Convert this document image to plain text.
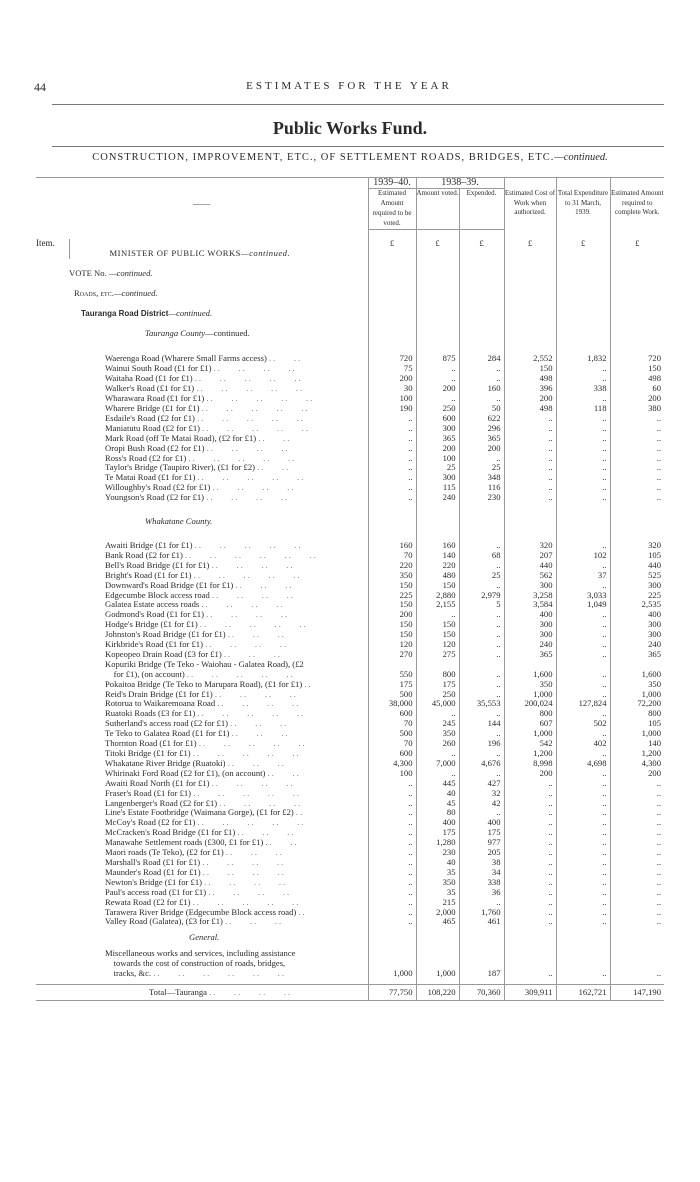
44	ESTIMATES FOR THE YEAR
Public Works Fund.
CONSTRUCTION, IMPROVEMENT, ETC., OF SETTLEMENT ROADS, BRIDGES, ETC.—continued.
——		1939–40.	1938–39.		Estimated Cost of Work when authorized.	Total Expenditure to 31 March, 1939.	Estimated Amount required to complete Work.
		Estimated Amount required to be voted.	Amount voted.	Expended.			

Item.		£	£	£	£	£	£
	MINISTER OF PUBLIC WORKS—continued.						

	VOTE No. —continued.						

	Roads, etc.—continued.						

	Tauranga Road District—continued.						

	Tauranga County—continued.						

	Waerenga Road (Wharere Small Farms access) ..    ..	720	875	284	2,552	1,832	720
	Wainui South Road (£1 for £1) ..    ..    ..    ..	75	..	..	150	..	150
	Waitaha Road (£1 for £1) ..    ..    ..    ..    ..	200	..	..	498	..	498
	Walker's Road (£1 for £1) ..    ..    ..    ..    ..	30	200	160	396	338	60
	Wharawara Road (£1 for £1) ..    ..    ..    ..    ..	100	..	..	200	..	200
	Wharere Bridge (£1 for £1) ..    ..    ..    ..    ..	190	250	50	498	118	380
	Esdaile's Road (£2 for £1) ..    ..    ..    ..    ..	..	600	622	..	..	..
	Maniatutu Road (£2 for £1) ..    ..    ..    ..    ..	..	300	296	..	..	..
	Mark Road (off Te Matai Road), (£2 for £1) ..    ..	..	365	365	..	..	..
	Oropi Bush Road (£2 for £1) ..    ..    ..    ..	..	200	200	..	..	..
	Ross's Road (£2 for £1) ..    ..    ..    ..    ..	..	100	..	..	..	..
	Taylor's Bridge (Taupiro River), (£1 for £2) ..    ..	..	25	25	..	..	..
	Te Matai Road (£1 for £1) ..    ..    ..    ..    ..	..	300	348	..	..	..
	Willoughby's Road (£2 for £1) ..    ..    ..    ..	..	115	116	..	..	..
	Youngson's Road (£2 for £1) ..    ..    ..    ..	..	240	230	..	..	..

	Whakatane County.						

	Awaiti Bridge (£1 for £1) ..    ..    ..    ..    ..	160	160	..	320	..	320
	Bank Road (£2 for £1) ..    ..    ..    ..    ..    ..	70	140	68	207	102	105
	Bell's Road Bridge (£1 for £1) ..    ..    ..    ..	220	220	..	440	..	440
	Bright's Road (£1 for £1) ..    ..    ..    ..    ..	350	480	25	562	37	525
	Downward's Road Bridge (£1 for £1) ..    ..    ..	150	150	..	300	..	300
	Edgecumbe Block access road ..    ..    ..    ..	225	2,880	2,979	3,258	3,033	225
	Galatea Estate access roads ..    ..    ..    ..	150	2,155	5	3,584	1,049	2,535
	Godmond's Road (£1 for £1) ..    ..    ..    ..	200	..	..	400	..	400
	Hodge's Bridge (£1 for £1) ..    ..    ..    ..    ..	150	150	..	300	..	300
	Johnston's Road Bridge (£1 for £1) ..    ..    ..	150	150	..	300	..	300
	Kirkbride's Road (£1 for £1) ..    ..    ..    ..	120	120	..	240	..	240
	Kopeopeo Drain Road (£3 for £1) ..    ..    ..	270	275	..	365	..	365
	Kopuriki Bridge (Te Teko - Waiohau - Galatea Road), (£2						
	for £1), (on account) ..    ..    ..    ..    ..	550	800	..	1,600	..	1,600
	Pokaitoa Bridge (Te Teko to Marupara Road), (£1 for £1) ..	175	175	..	350	..	350
	Reid's Drain Bridge (£1 for £1) ..    ..    ..    ..	500	250	..	1,000	..	1,000
	Rotorua to Waikaremoana Road ..    ..    ..    ..	38,000	45,000	35,553	200,024	127,824	72,200
	Ruatoki Roads (£3 for £1) ..    ..    ..    ..    ..	600	..	..	800	..	800
	Sutherland's access road (£2 for £1) ..    ..    ..	70	245	144	607	502	105
	Te Teko to Galatea Road (£1 for £1) ..    ..    ..	500	350	..	1,000	..	1,000
	Thornton Road (£1 for £1) ..    ..    ..    ..    ..	70	260	196	542	402	140
	Titoki Bridge (£1 for £1) ..    ..    ..    ..    ..	600	..	..	1,200	..	1,200
	Whakatane River Bridge (Ruatoki) ..    ..    ..	4,300	7,000	4,676	8,998	4,698	4,300
	Whirinaki Ford Road (£2 for £1), (on account) ..    ..	100	..	..	200	..	200
	Awaiti Road North (£1 for £1) ..    ..    ..    ..	..	445	427	..	..	..
	Fraser's Road (£1 for £1) ..    ..    ..    ..    ..	..	40	32	..	..	..
	Langenberger's Road (£2 for £1) ..    ..    ..    ..	..	45	42	..	..	..
	Line's Estate Footbridge (Waimana Gorge), (£1 for £2) ..	..	80	..	..	..	..
	McCoy's Road (£2 for £1) ..    ..    ..    ..    ..	..	400	400	..	..	..
	McCracken's Road Bridge (£1 for £1) ..    ..    ..	..	175	175	..	..	..
	Manawahe Settlement roads (£300, £1 for £1) ..    ..	..	1,280	977	..	..	..
	Maori roads (Te Teko), (£2 for £1) ..    ..    ..	..	230	205	..	..	..
	Marshall's Road (£1 for £1) ..    ..    ..    ..	..	40	38	..	..	..
	Maunder's Road (£1 for £1) ..    ..    ..    ..	..	35	34	..	..	..
	Newton's Bridge (£1 for £1) ..    ..    ..    ..	..	350	338	..	..	..
	Paul's access road (£1 for £1) ..    ..    ..    ..	..	35	36	..	..	..
	Rewata Road (£2 for £1) ..    ..    ..    ..    ..	..	215	..	..	..	..
	Tarawera River Bridge (Edgecumbe Block access road) ..	..	2,000	1,760	..	..	..
	Valley Road (Galatea), (£3 for £1) ..    ..    ..	..	465	461	..	..	..

	General.						

	Miscellaneous works and services, including assistance						
	towards the cost of construction of roads, bridges,						
	tracks, &c. ..    ..    ..    ..    ..    ..	1,000	1,000	187	..	..	..

	Total—Tauranga ..    ..    ..    ..	77,750	108,220	70,360	309,911	162,721	147,190
